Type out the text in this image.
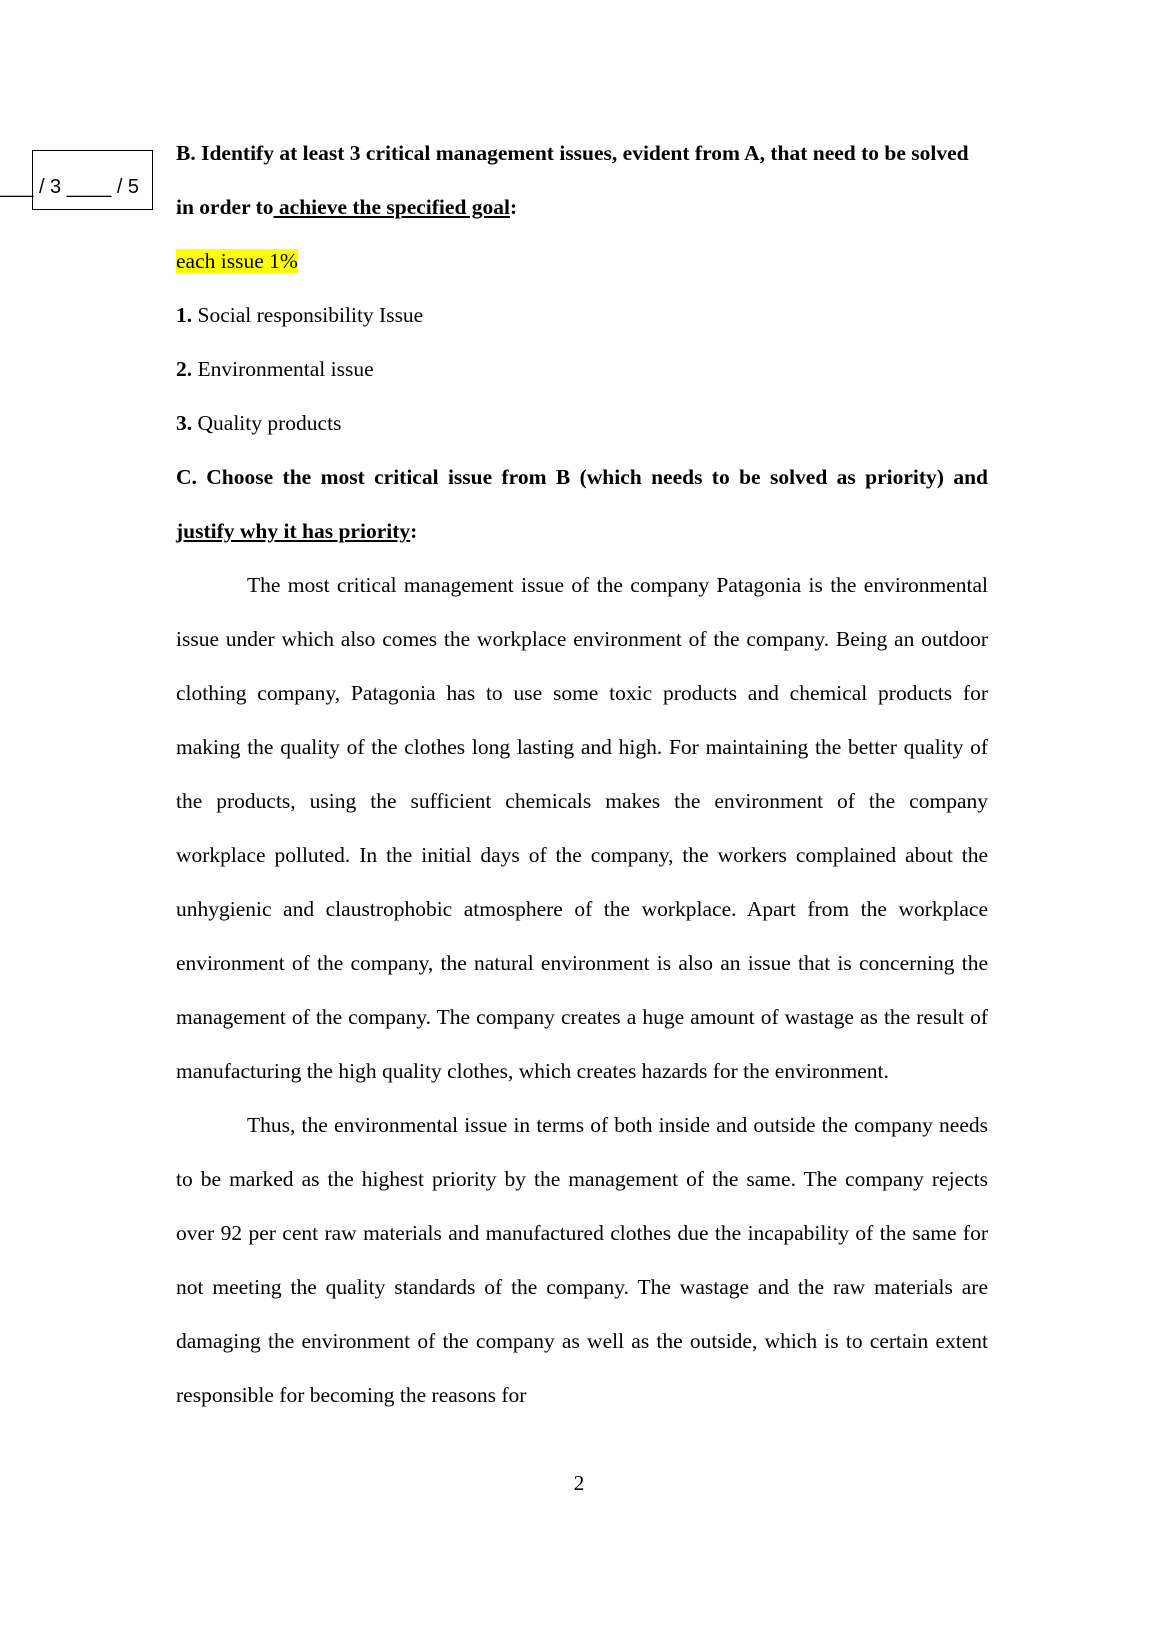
___ / 3 ____ / 5

B. Identify at least 3 critical management issues, evident from A, that need to be solved in order to achieve the specified goal:

each issue 1%

1. Social responsibility Issue

2. Environmental issue

3. Quality products

C. Choose the most critical issue from B (which needs to be solved as priority) and justify why it has priority:

The most critical management issue of the company Patagonia is the environmental issue under which also comes the workplace environment of the company. Being an outdoor clothing company, Patagonia has to use some toxic products and chemical products for making the quality of the clothes long lasting and high. For maintaining the better quality of the products, using the sufficient chemicals makes the environment of the company workplace polluted. In the initial days of the company, the workers complained about the unhygienic and claustrophobic atmosphere of the workplace. Apart from the workplace environment of the company, the natural environment is also an issue that is concerning the management of the company. The company creates a huge amount of wastage as the result of manufacturing the high quality clothes, which creates hazards for the environment.

Thus, the environmental issue in terms of both inside and outside the company needs to be marked as the highest priority by the management of the same. The company rejects over 92 per cent raw materials and manufactured clothes due the incapability of the same for not meeting the quality standards of the company. The wastage and the raw materials are damaging the environment of the company as well as the outside, which is to certain extent responsible for becoming the reasons for

2
